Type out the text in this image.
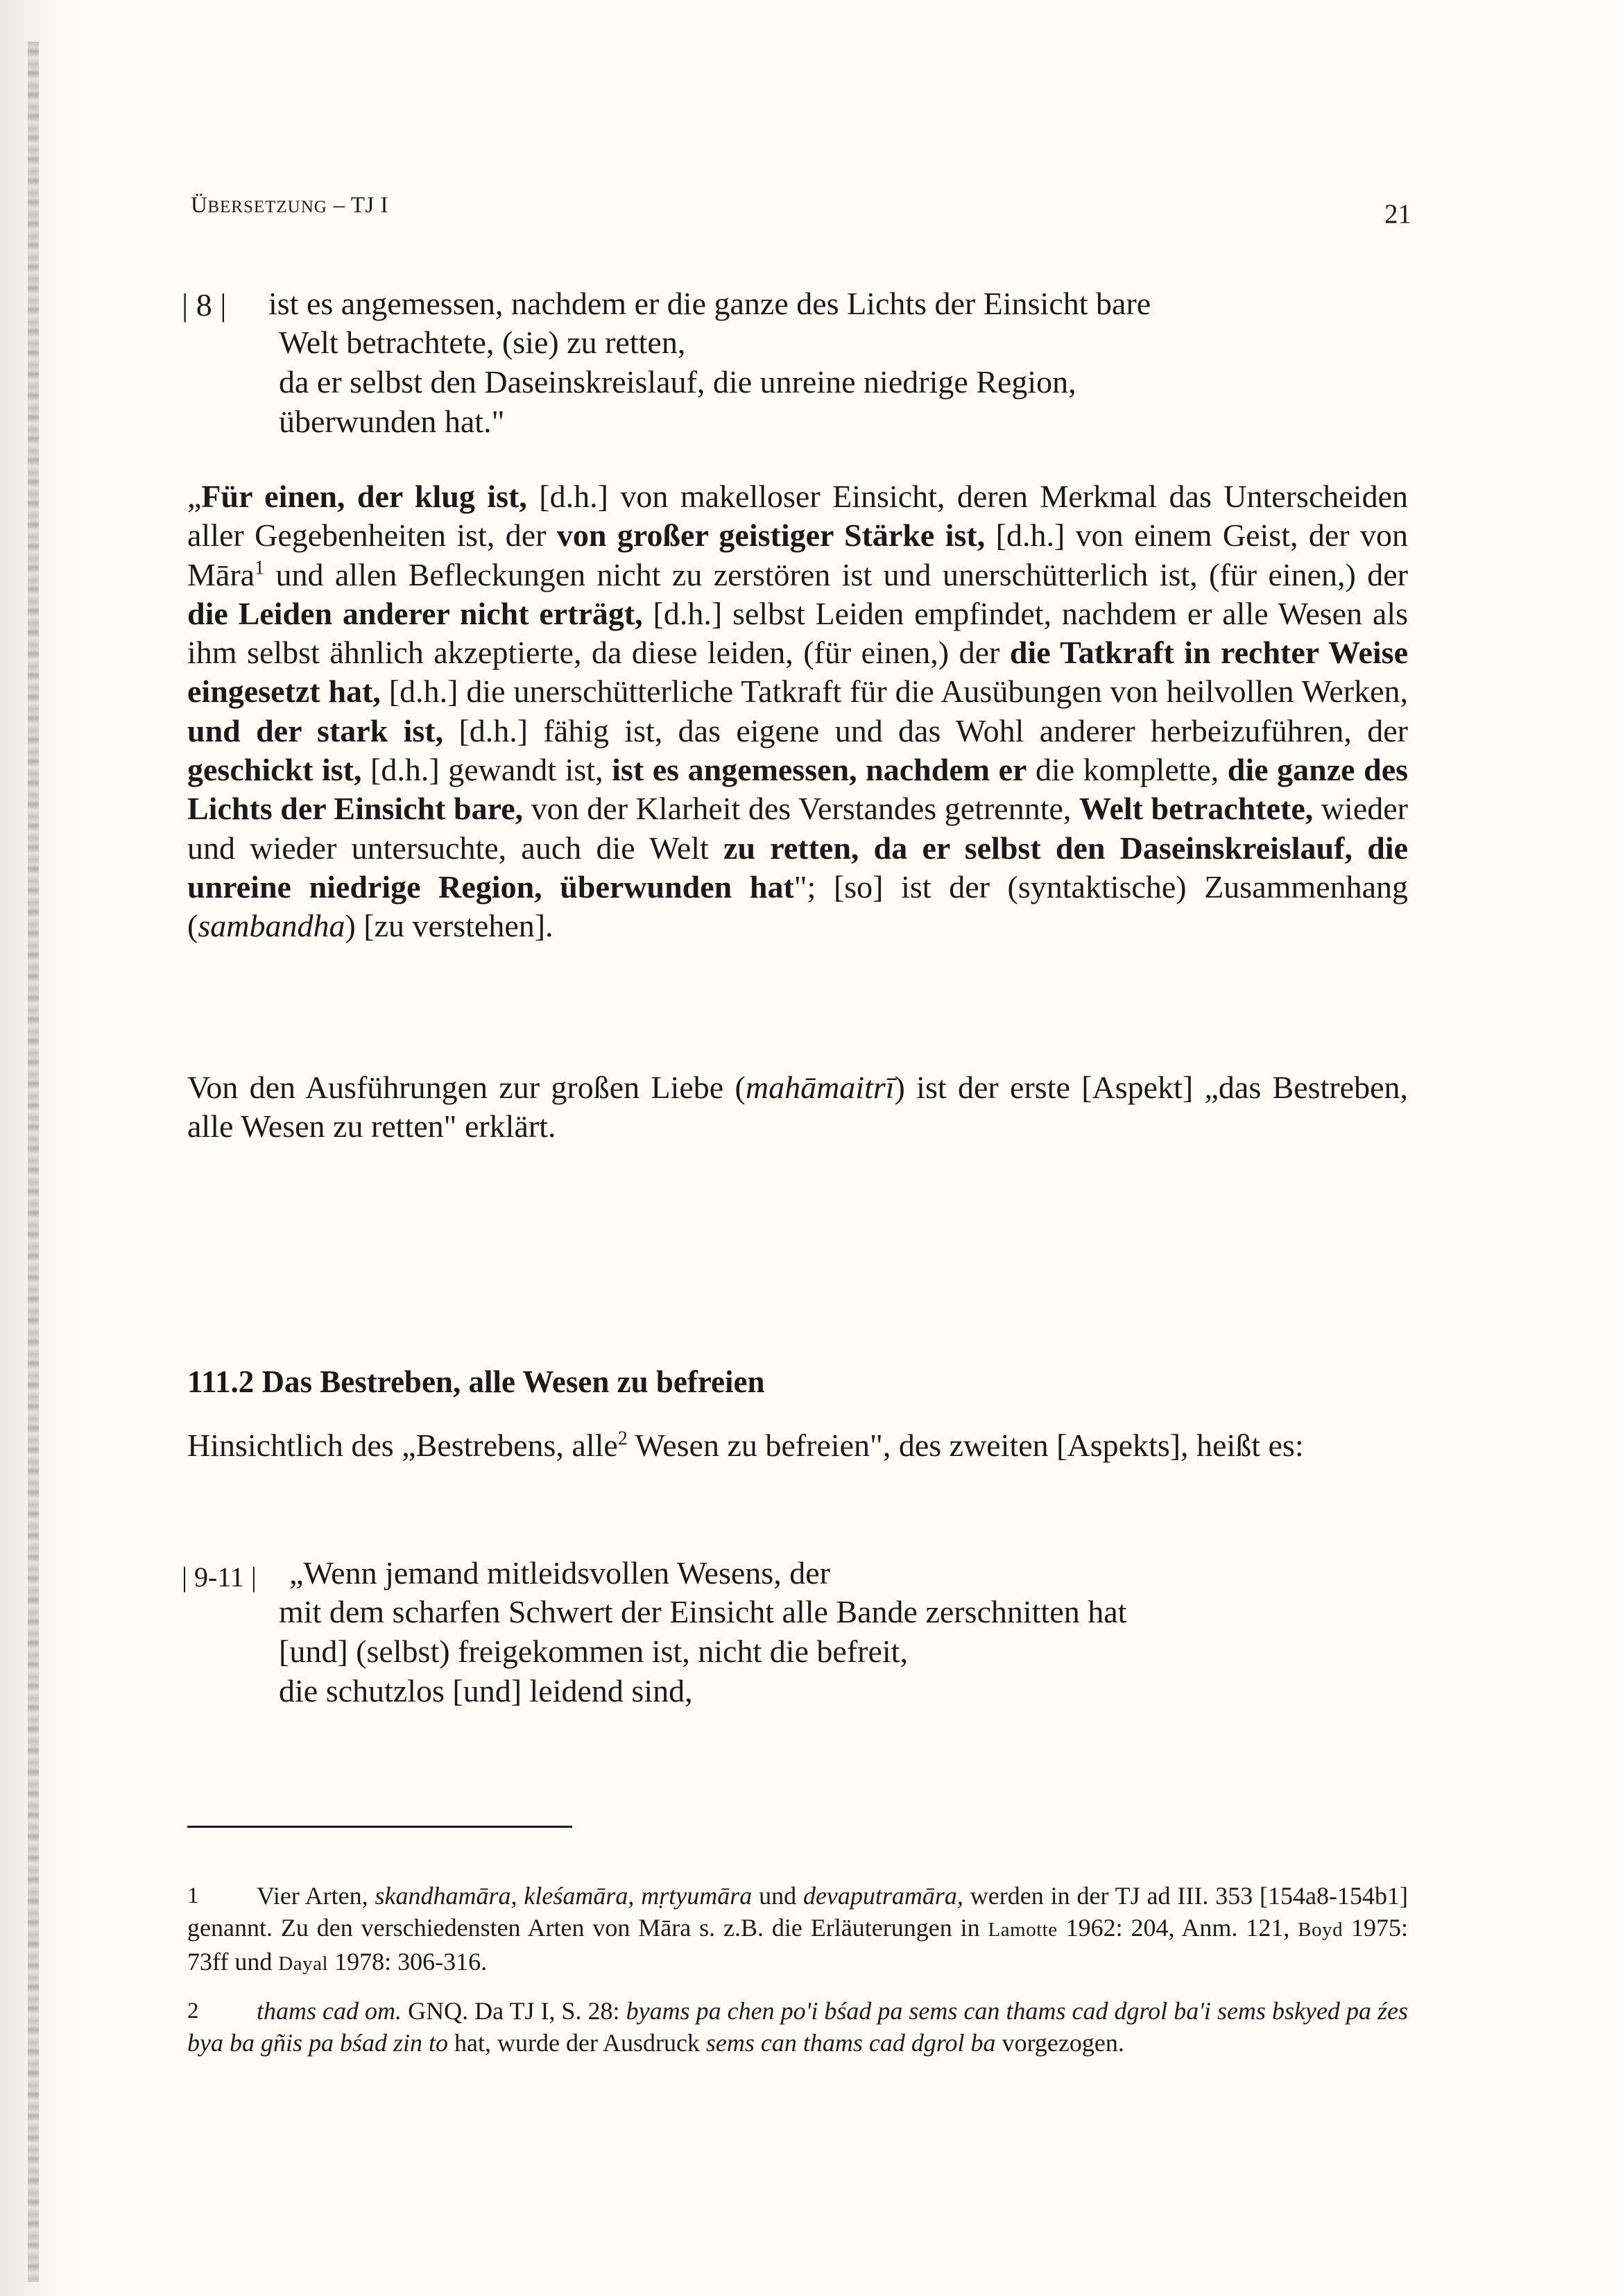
ÜBERSETZUNG – TJ I	21
| 8 | ist es angemessen, nachdem er die ganze des Lichts der Einsicht bare
Welt betrachtete, (sie) zu retten,
da er selbst den Daseinskreislauf, die unreine niedrige Region,
überwunden hat."
„Für einen, der klug ist, [d.h.] von makelloser Einsicht, deren Merkmal das Unterscheiden aller Gegebenheiten ist, der von großer geistiger Stärke ist, [d.h.] von einem Geist, der von Māra$^1$ und allen Befleckungen nicht zu zerstören ist und unerschütterlich ist, (für einen,) der die Leiden anderer nicht erträgt, [d.h.] selbst Leiden empfindet, nachdem er alle Wesen als ihm selbst ähnlich akzeptierte, da diese leiden, (für einen,) der die Tatkraft in rechter Weise eingesetzt hat, [d.h.] die unerschütterliche Tatkraft für die Ausübungen von heilvollen Werken, und der stark ist, [d.h.] fähig ist, das eigene und das Wohl anderer herbeizuführen, der geschickt ist, [d.h.] gewandt ist, ist es angemessen, nachdem er die komplette, die ganze des Lichts der Einsicht bare, von der Klarheit des Verstandes getrennte, Welt betrachtete, wieder und wieder untersuchte, auch die Welt zu retten, da er selbst den Daseinskreislauf, die unreine niedrige Region, überwunden hat"; [so] ist der (syntaktische) Zusammenhang (sambandha) [zu verstehen].
Von den Ausführungen zur großen Liebe (mahāmaitrī) ist der erste [Aspekt] „das Bestreben, alle Wesen zu retten" erklärt.
111.2 Das Bestreben, alle Wesen zu befreien
Hinsichtlich des „Bestrebens, alle$^2$ Wesen zu befreien", des zweiten [Aspekts], heißt es:
| 9-11 | „Wenn jemand mitleidsvollen Wesens, der
mit dem scharfen Schwert der Einsicht alle Bande zerschnitten hat
[und] (selbst) freigekommen ist, nicht die befreit,
die schutzlos [und] leidend sind,
1	Vier Arten, skandhamāra, kleśamāra, mṛtyumāra und devaputramāra, werden in der TJ ad III. 353 [154a8-154b1] genannt. Zu den verschiedensten Arten von Māra s. z.B. die Erläuterungen in Lamotte 1962: 204, Anm. 121, Boyd 1975: 73ff und Dayal 1978: 306-316.
2	thams cad om. GNQ. Da TJ I, S. 28: byams pa chen po'i bśad pa sems can thams cad dgrol ba'i sems bskyed pa źes bya ba gñis pa bśad zin to hat, wurde der Ausdruck sems can thams cad dgrol ba vorgezogen.
